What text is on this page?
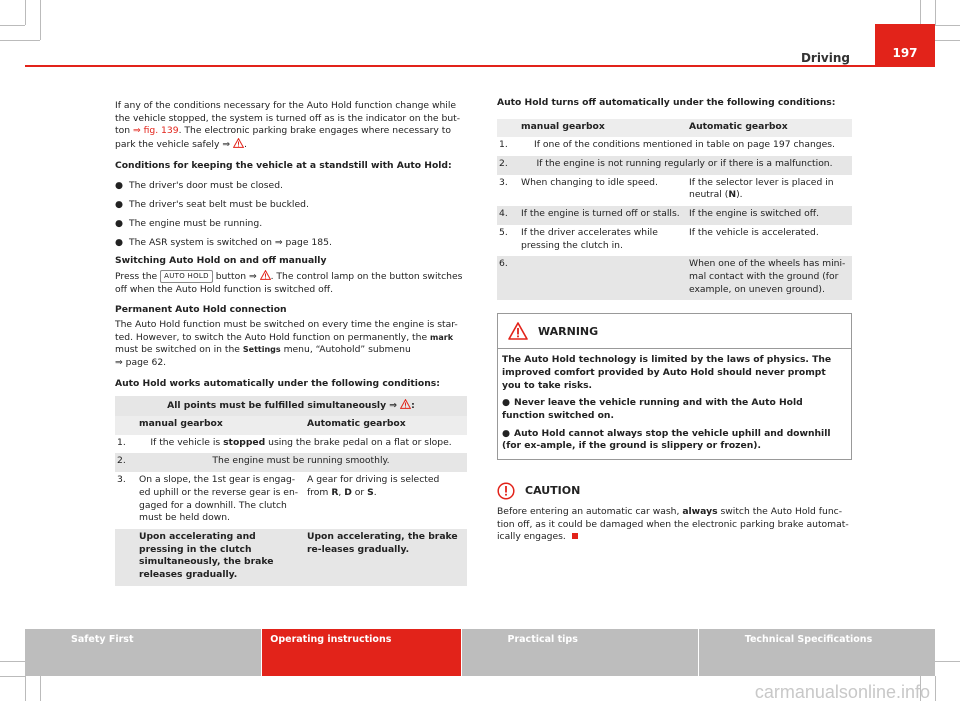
Driving	197

If any of the conditions necessary for the Auto Hold function change while the vehicle stopped, the system is turned off as is the indicator on the but-ton ⇒ fig. 139. The electronic parking brake engages where necessary to park the vehicle safely ⇒ .

Conditions for keeping the vehicle at a standstill with Auto Hold:

● The driver's door must be closed.
● The driver's seat belt must be buckled.
● The engine must be running.
● The ASR system is switched on ⇒ page 185.

Switching Auto Hold on and off manually

Press the AUTO HOLD button ⇒ . The control lamp on the button switches off when the Auto Hold function is switched off.

Permanent Auto Hold connection

The Auto Hold function must be switched on every time the engine is star-ted. However, to switch the Auto Hold function on permanently, the mark must be switched on in the Settings menu, “Autohold” submenu
⇒ page 62.

Auto Hold works automatically under the following conditions:

All points must be fulfilled simultaneously ⇒ :		
	manual gearbox	Automatic gearbox
1.	If the vehicle is stopped using the brake pedal on a flat or slope.	
2.	The engine must be running smoothly.	
3.	On a slope, the 1st gear is engag-ed uphill or the reverse gear is en-gaged for a downhill. The clutch must be held down.	A gear for driving is selected from R, D or S.
	Upon accelerating and pressing in the clutch simultaneously, the brake releases gradually.	Upon accelerating, the brake re-leases gradually.

Auto Hold turns off automatically under the following conditions:

	manual gearbox	Automatic gearbox
1.	If one of the conditions mentioned in table on page 197 changes.	
2.	If the engine is not running regularly or if there is a malfunction.	
3.	When changing to idle speed.	If the selector lever is placed in neutral (N).
4.	If the engine is turned off or stalls.	If the engine is switched off.
5.	If the driver accelerates while pressing the clutch in.	If the vehicle is accelerated.
6.		When one of the wheels has mini-mal contact with the ground (for example, on uneven ground).
WARNING

The Auto Hold technology is limited by the laws of physics. The improved comfort provided by Auto Hold should never prompt you to take risks.

● Never leave the vehicle running and with the Auto Hold function switched on.

● Auto Hold cannot always stop the vehicle uphill and downhill (for ex-ample, if the ground is slippery or frozen).

CAUTION

Before entering an automatic car wash, always switch the Auto Hold func-tion off, as it could be damaged when the electronic parking brake automat-ically engages.

Safety First	Operating instructions	Practical tips	Technical Specifications
carmanualsonline.info
